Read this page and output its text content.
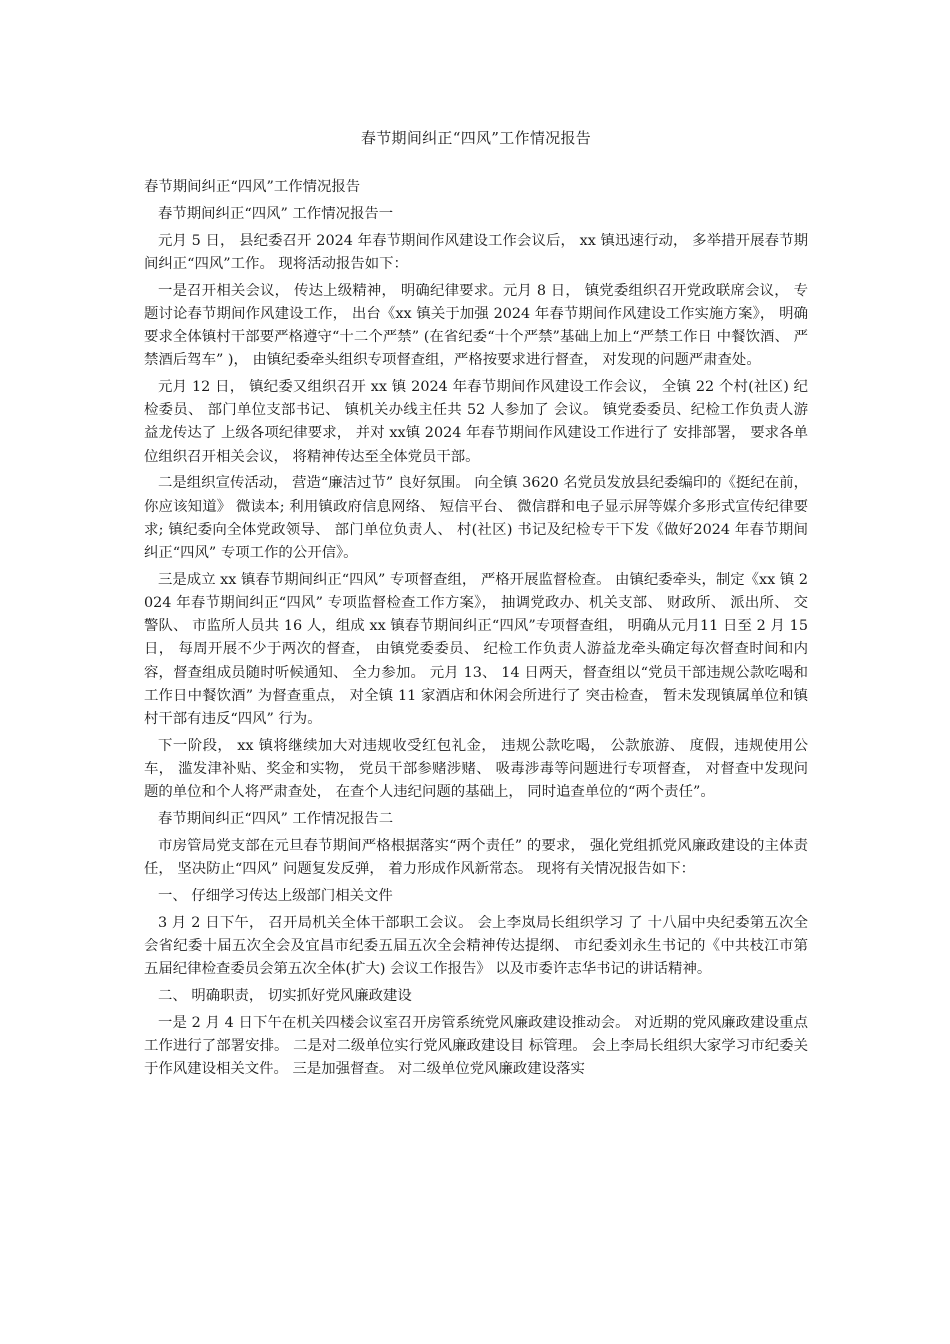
春节期间纠正“四风”工作情况报告
春节期间纠正“四风”工作情况报告
春节期间纠正“四风” 工作情况报告一
元月 5 日， 县纪委召开 2024 年春节期间作风建设工作会议后， xx 镇迅速行动， 多举措开展春节期间纠正“四风”工作。 现将活动报告如下：
一是召开相关会议， 传达上级精神， 明确纪律要求。元月 8 日， 镇党委组织召开党政联席会议， 专题讨论春节期间作风建设工作， 出台《xx 镇关于加强 2024 年春节期间作风建设工作实施方案》， 明确要求全体镇村干部要严格遵守“十二个严禁” (在省纪委“十个严禁”基础上加上“严禁工作日 中餐饮酒、 严禁酒后驾车” )， 由镇纪委牵头组织专项督查组，严格按要求进行督查， 对发现的问题严肃查处。
元月 12 日， 镇纪委又组织召开 xx 镇 2024 年春节期间作风建设工作会议， 全镇 22 个村(社区) 纪检委员、 部门单位支部书记、 镇机关办线主任共 52 人参加了 会议。 镇党委委员、纪检工作负责人游益龙传达了 上级各项纪律要求， 并对 xx镇 2024 年春节期间作风建设工作进行了 安排部署， 要求各单位组织召开相关会议， 将精神传达至全体党员干部。
二是组织宣传活动， 营造“廉洁过节” 良好氛围。 向全镇 3620 名党员发放县纪委编印的《挺纪在前， 你应该知道》 微读本; 利用镇政府信息网络、 短信平台、 微信群和电子显示屏等媒介多形式宣传纪律要求; 镇纪委向全体党政领导、 部门单位负责人、 村(社区) 书记及纪检专干下发《做好2024 年春节期间纠正“四风” 专项工作的公开信》。
三是成立 xx 镇春节期间纠正“四风” 专项督查组， 严格开展监督检查。 由镇纪委牵头，制定《xx 镇 2024 年春节期间纠正“四风” 专项监督检查工作方案》， 抽调党政办、机关支部、 财政所、 派出所、 交警队、 市监所人员共 16 人，组成 xx 镇春节期间纠正“四风”专项督查组， 明确从元月11 日至 2 月 15 日， 每周开展不少于两次的督查， 由镇党委委员、 纪检工作负责人游益龙牵头确定每次督查时间和内容，督查组成员随时听候通知、 全力参加。 元月 13、 14 日两天，督查组以“党员干部违规公款吃喝和工作日中餐饮酒” 为督查重点， 对全镇 11 家酒店和休闲会所进行了 突击检查， 暂未发现镇属单位和镇村干部有违反“四风” 行为。
下一阶段， xx 镇将继续加大对违规收受红包礼金， 违规公款吃喝， 公款旅游、 度假，违规使用公车， 滥发津补贴、奖金和实物， 党员干部参赌涉赌、 吸毒涉毒等问题进行专项督查， 对督查中发现问题的单位和个人将严肃查处， 在查个人违纪问题的基础上， 同时追查单位的“两个责任”。
春节期间纠正“四风” 工作情况报告二
市房管局党支部在元旦春节期间严格根据落实“两个责任” 的要求， 强化党组抓党风廉政建设的主体责任， 坚决防止“四风” 问题复发反弹， 着力形成作风新常态。 现将有关情况报告如下：
一、 仔细学习传达上级部门相关文件
3 月 2 日下午， 召开局机关全体干部职工会议。 会上李岚局长组织学习 了 十八届中央纪委第五次全会省纪委十届五次全会及宜昌市纪委五届五次全会精神传达提纲、 市纪委刘永生书记的《中共枝江市第五届纪律检查委员会第五次全体(扩大) 会议工作报告》 以及市委许志华书记的讲话精神。
二、 明确职责， 切实抓好党风廉政建设
一是 2 月 4 日下午在机关四楼会议室召开房管系统党风廉政建设推动会。 对近期的党风廉政建设重点工作进行了部署安排。 二是对二级单位实行党风廉政建设目 标管理。 会上李局长组织大家学习市纪委关于作风建设相关文件。 三是加强督查。 对二级单位党风廉政建设落实
